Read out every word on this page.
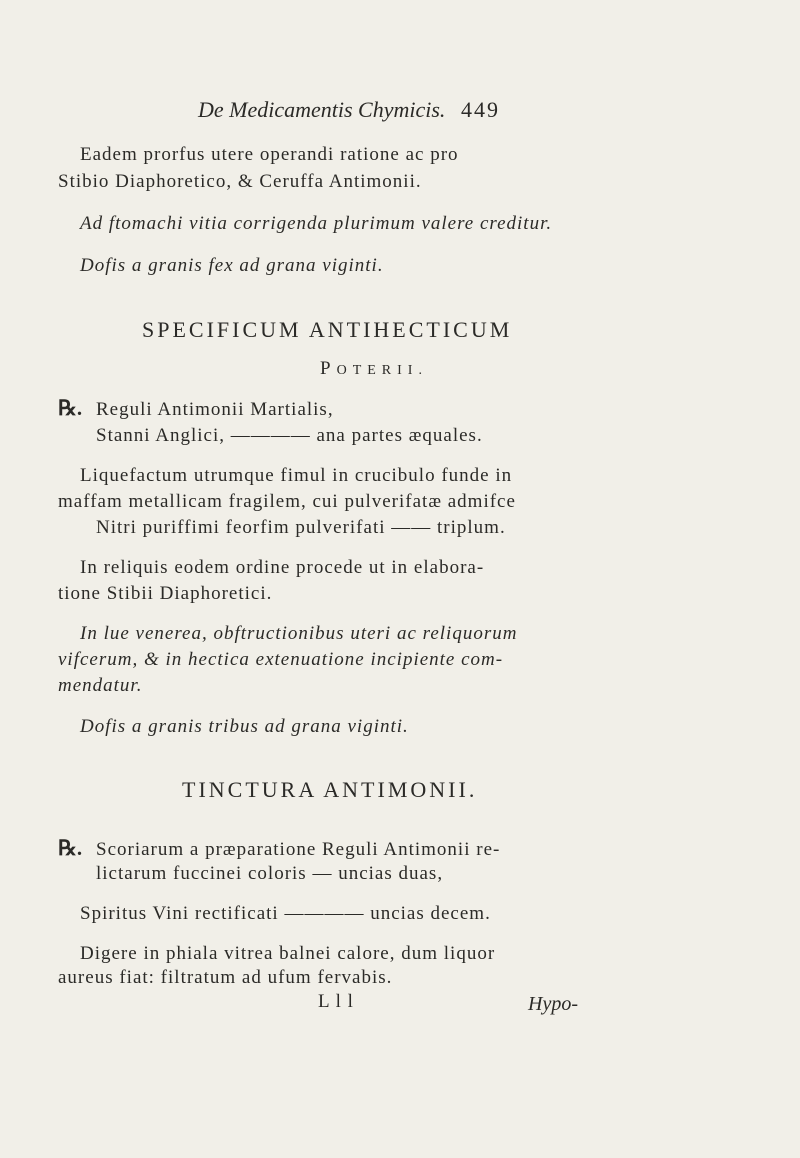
De Medicamentis Chymicis. 449
Eadem prorfus utere operandi ratione ac pro
Stibio Diaphoretico, & Ceruffa Antimonii.
Ad ftomachi vitia corrigenda plurimum valere creditur.
Dofis a granis fex ad grana viginti.
SPECIFICUM ANTIHECTICUM
POTERII.
℞. Reguli Antimonii Martialis,
Stanni Anglici, ———— ana partes æquales.
Liquefactum utrumque fimul in crucibulo funde in
maffam metallicam fragilem, cui pulverifatæ admifce
Nitri puriffimi feorfim pulverifati —— triplum.
In reliquis eodem ordine procede ut in elabora-
tione Stibii Diaphoretici.
In lue venerea, obftructionibus uteri ac reliquorum
vifcerum, & in hectica extenuatione incipiente com-
mendatur.
Dofis a granis tribus ad grana viginti.
TINCTURA ANTIMONII.
℞. Scoriarum a præparatione Reguli Antimonii re-
lictarum fuccinei coloris — uncias duas,
Spiritus Vini rectificati ———— uncias decem.
Digere in phiala vitrea balnei calore, dum liquor
aureus fiat: filtratum ad ufum fervabis.
L l l	Hypo-
